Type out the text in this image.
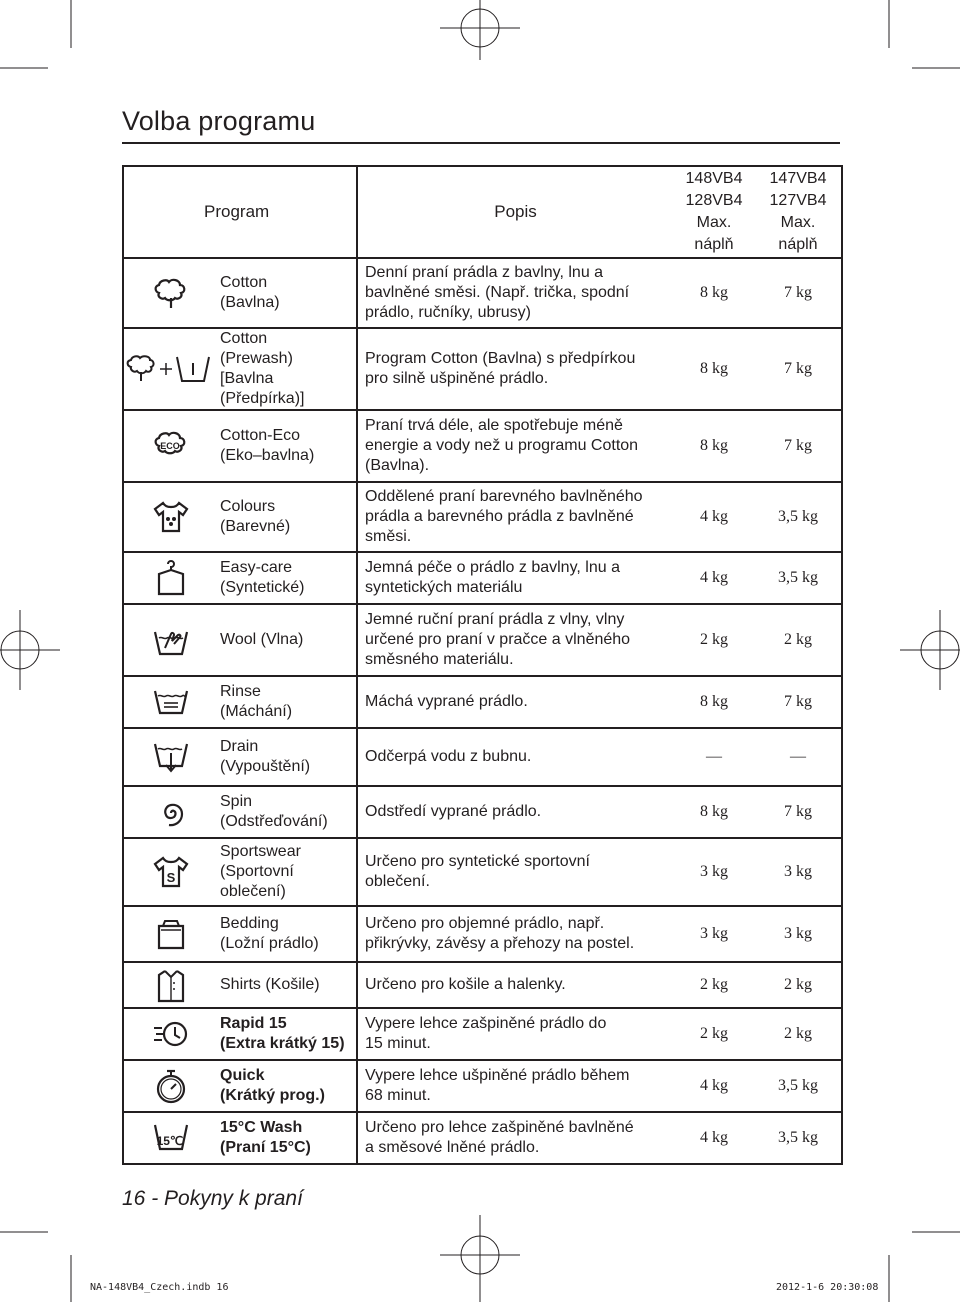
Volba programu
Program		Popis	148VB4
128VB4
Max.
náplň	147VB4
127VB4
Max.
náplň

	Cotton
(Bavlna)	Denní praní prádla z bavlny, lnu a
bavlněné směsi. (Např. trička, spodní
prádlo, ručníky, ubrusy)	8 kg	7 kg

	Cotton
(Prewash)
[Bavlna
(Předpírka)]	Program Cotton (Bavlna) s předpírkou
pro silně ušpiněné prádlo.	8 kg	7 kg

ECO	Cotton-Eco
(Eko–bavlna)	Praní trvá déle, ale spotřebuje méně
energie a vody než u programu Cotton
(Bavlna).	8 kg	7 kg

	Colours
(Barevné)	Oddělené praní barevného bavlněného
prádla a barevného prádla z bavlněné
směsi.	4 kg	3,5 kg

	Easy-care
(Syntetické)	Jemná péče o prádlo z bavlny, lnu a
syntetických materiálu	4 kg	3,5 kg

	Wool (Vlna)	Jemné ruční praní prádla z vlny, vlny
určené pro praní v pračce a vlněného
směsného materiálu.	2 kg	2 kg

	Rinse
(Máchání)	Máchá vyprané prádlo.	8 kg	7 kg

	Drain
(Vypouštění)	Odčerpá vodu z bubnu.	—	—

	Spin
(Odstřeďování)	Odstředí vyprané prádlo.	8 kg	7 kg

S	Sportswear
(Sportovní
oblečení)	Určeno pro syntetické sportovní
oblečení.	3 kg	3 kg

	Bedding
(Ložní prádlo)	Určeno pro objemné prádlo, např.
přikrývky, závěsy a přehozy na postel.	3 kg	3 kg

	Shirts (Košile)	Určeno pro košile a halenky.	2 kg	2 kg

	Rapid 15
(Extra krátký 15)	Vypere lehce zašpiněné prádlo do
15 minut.	2 kg	2 kg

	Quick
(Krátký prog.)	Vypere lehce ušpiněné prádlo během
68 minut.	4 kg	3,5 kg

15℃	15°C Wash
(Praní 15°C)	Určeno pro lehce zašpiněné bavlněné
a směsové lněné prádlo.	4 kg	3,5 kg
16 - Pokyny k praní
NA-148VB4_Czech.indb 16	2012-1-6 20:30:08
